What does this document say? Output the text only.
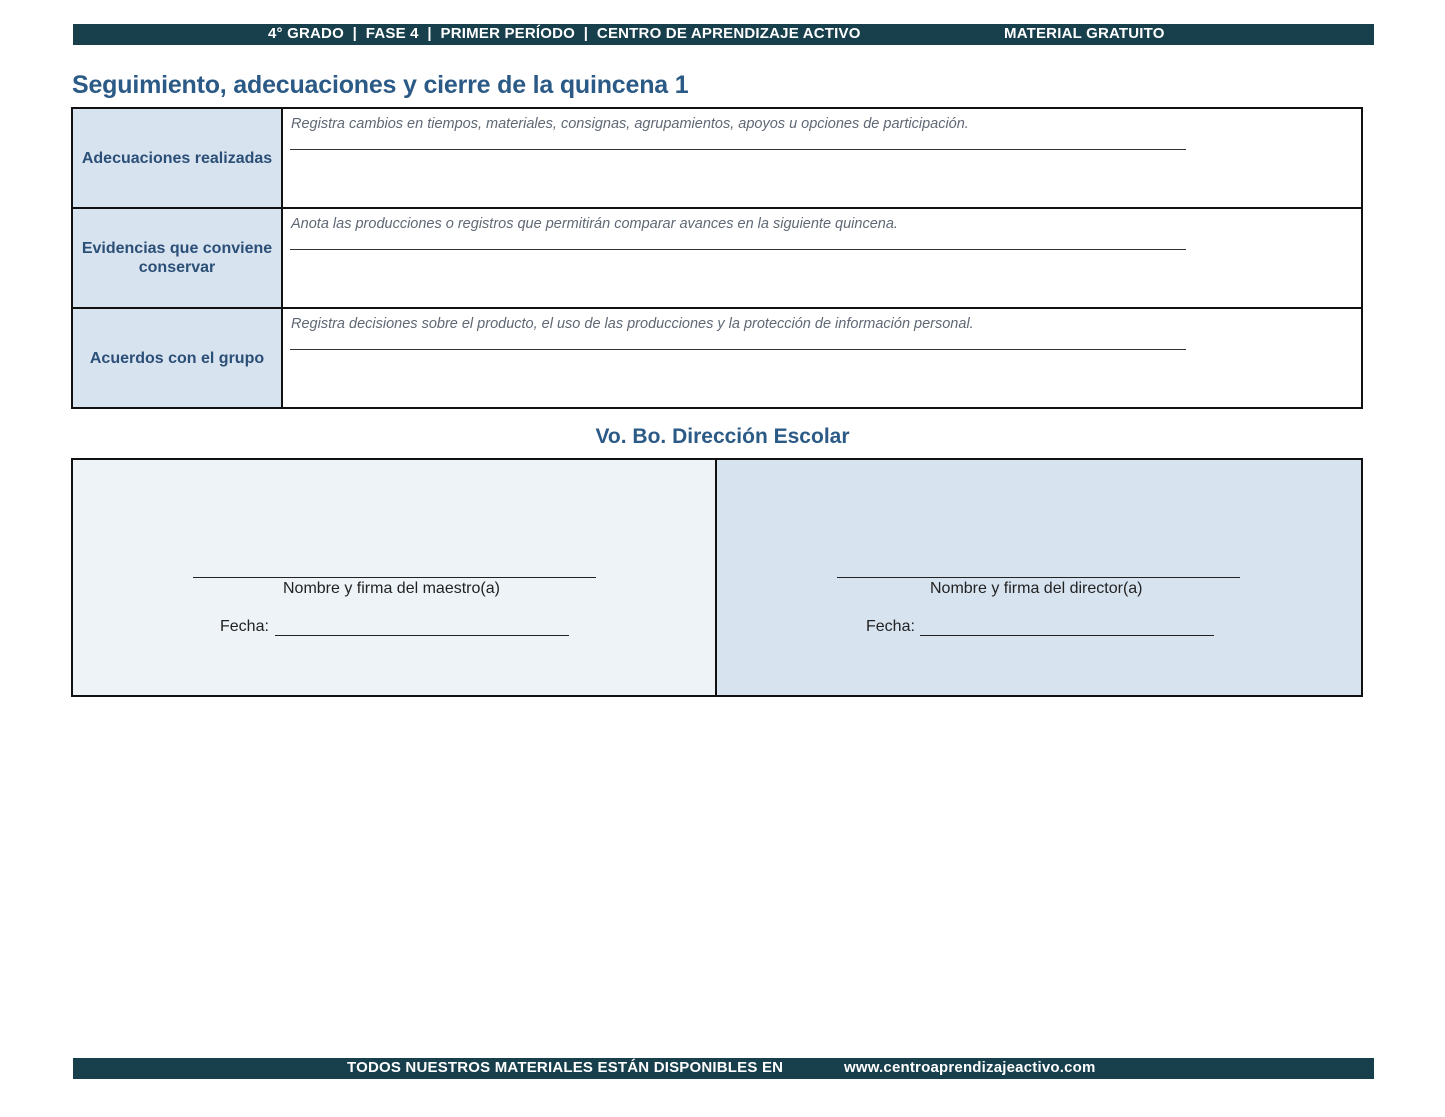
4° GRADO  |  FASE 4  |  PRIMER PERÍODO  |  CENTRO DE APRENDIZAJE ACTIVO	MATERIAL GRATUITO
Seguimiento, adecuaciones y cierre de la quincena 1
Adecuaciones realizadas	Registra cambios en tiempos, materiales, consignas, agrupamientos, apoyos u opciones de participación.

Evidencias que conviene conservar	Anota las producciones o registros que permitirán comparar avances en la siguiente quincena.

Acuerdos con el grupo	Registra decisiones sobre el producto, el uso de las producciones y la protección de información personal.
Vo. Bo. Dirección Escolar
Nombre y firma del maestro(a)
Fecha:
Nombre y firma del director(a)
Fecha:
TODOS NUESTROS MATERIALES ESTÁN DISPONIBLES EN	www.centroaprendizajeactivo.com
